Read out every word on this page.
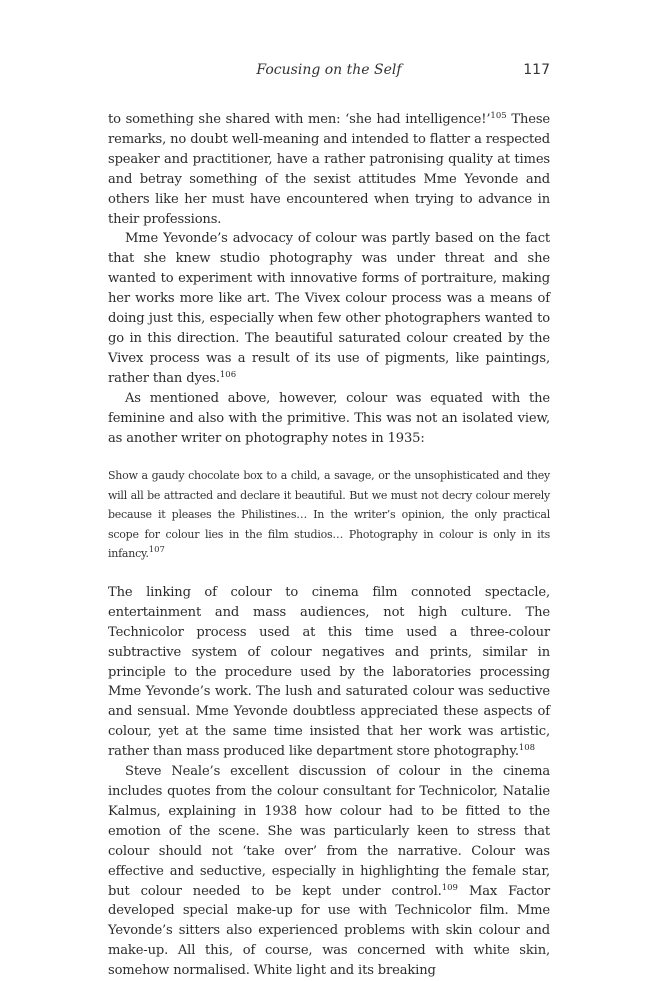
Focusing on the Self	117

to something she shared with men: ‘she had intelligence!’$^{105}$ These remarks, no doubt well-meaning and intended to flatter a respected speaker and practitioner, have a rather patronising quality at times and betray something of the sexist attitudes Mme Yevonde and others like her must have encountered when trying to advance in their professions.

Mme Yevonde’s advocacy of colour was partly based on the fact that she knew studio photography was under threat and she wanted to experiment with innovative forms of portraiture, making her works more like art. The Vivex colour process was a means of doing just this, especially when few other photographers wanted to go in this direction. The beautiful saturated colour created by the Vivex process was a result of its use of pigments, like paintings, rather than dyes.$^{106}$

As mentioned above, however, colour was equated with the feminine and also with the primitive. This was not an isolated view, as another writer on photography notes in 1935:

Show a gaudy chocolate box to a child, a savage, or the unsophisticated and they will all be attracted and declare it beautiful. But we must not decry colour merely because it pleases the Philistines… In the writer’s opinion, the only practical scope for colour lies in the film studios… Photography in colour is only in its infancy.$^{107}$

The linking of colour to cinema film connoted spectacle, entertainment and mass audiences, not high culture. The Technicolor process used at this time used a three-colour subtractive system of colour negatives and prints, similar in principle to the procedure used by the laboratories processing Mme Yevonde’s work. The lush and saturated colour was seductive and sensual. Mme Yevonde doubtless appreciated these aspects of colour, yet at the same time insisted that her work was artistic, rather than mass produced like department store photography.$^{108}$

Steve Neale’s excellent discussion of colour in the cinema includes quotes from the colour consultant for Technicolor, Natalie Kalmus, explaining in 1938 how colour had to be fitted to the emotion of the scene. She was particularly keen to stress that colour should not ‘take over’ from the narrative. Colour was effective and seductive, especially in highlighting the female star, but colour needed to be kept under control.$^{109}$ Max Factor developed special make-up for use with Technicolor film. Mme Yevonde’s sitters also experienced problems with skin colour and make-up. All this, of course, was concerned with white skin, somehow normalised. White light and its breaking
